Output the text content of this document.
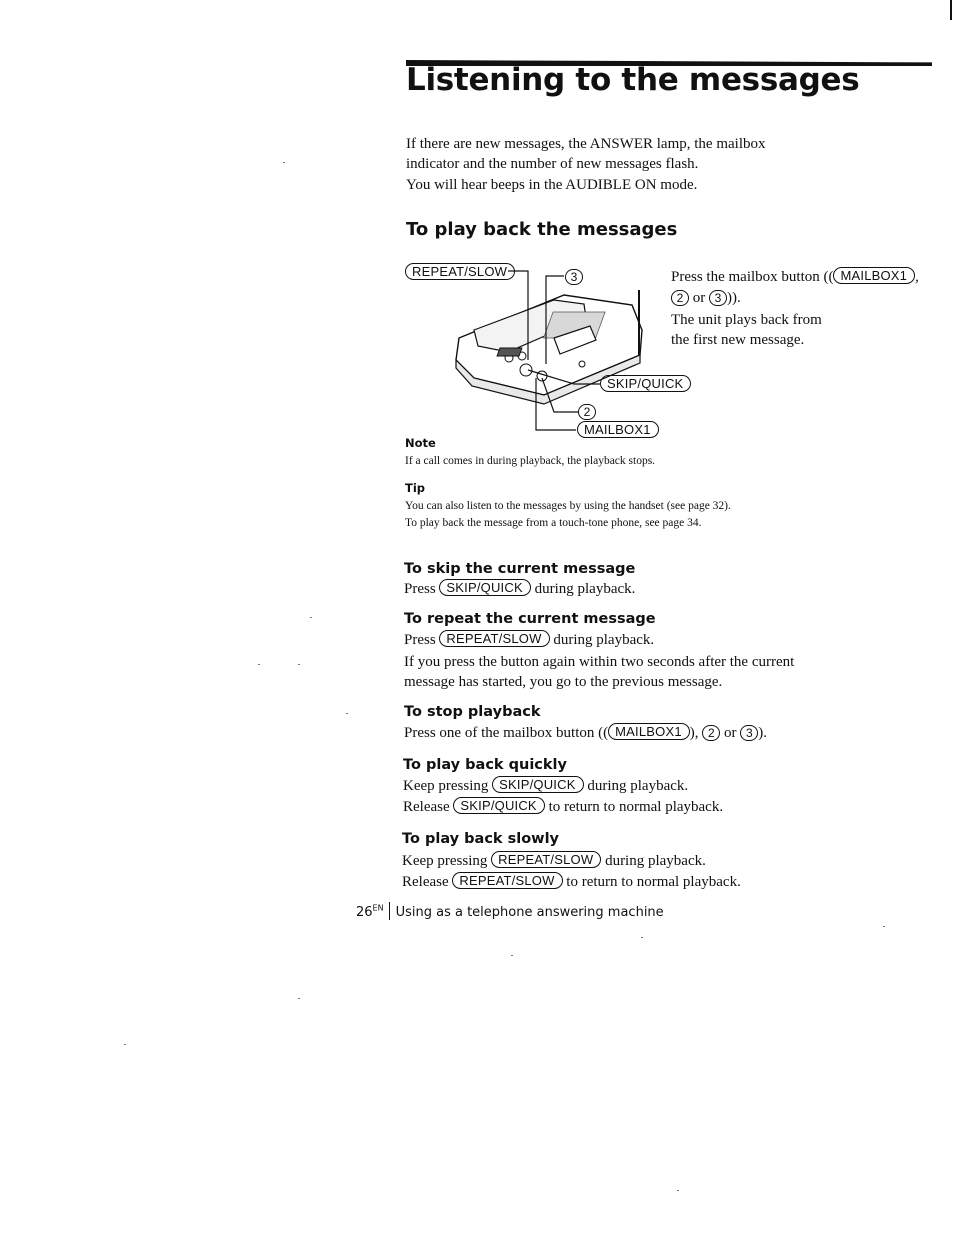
Listening to the messages
If there are new messages, the ANSWER lamp, the mailbox
indicator and the number of new messages flash.
You will hear beeps in the AUDIBLE ON mode.
To play back the messages
REPEAT/SLOW	3
SKIP/QUICK
2
MAILBOX1
Press the mailbox button (( MAILBOX1 ,
2 or 3 )).
The unit plays back from
the first new message.
Note
If a call comes in during playback, the playback stops.
Tip
You can also listen to the messages by using the handset (see page 32).
To play back the message from a touch-tone phone, see page 34.
To skip the current message
Press SKIP/QUICK during playback.
To repeat the current message
Press REPEAT/SLOW during playback.
If you press the button again within two seconds after the current
message has started, you go to the previous message.
To stop playback
Press one of the mailbox button (( MAILBOX1 ), 2 or 3 ).
To play back quickly
Keep pressing SKIP/QUICK during playback.
Release SKIP/QUICK to return to normal playback.
To play back slowly
Keep pressing REPEAT/SLOW during playback.
Release REPEAT/SLOW to return to normal playback.
$26^{EN}$ Using as a telephone answering machine
